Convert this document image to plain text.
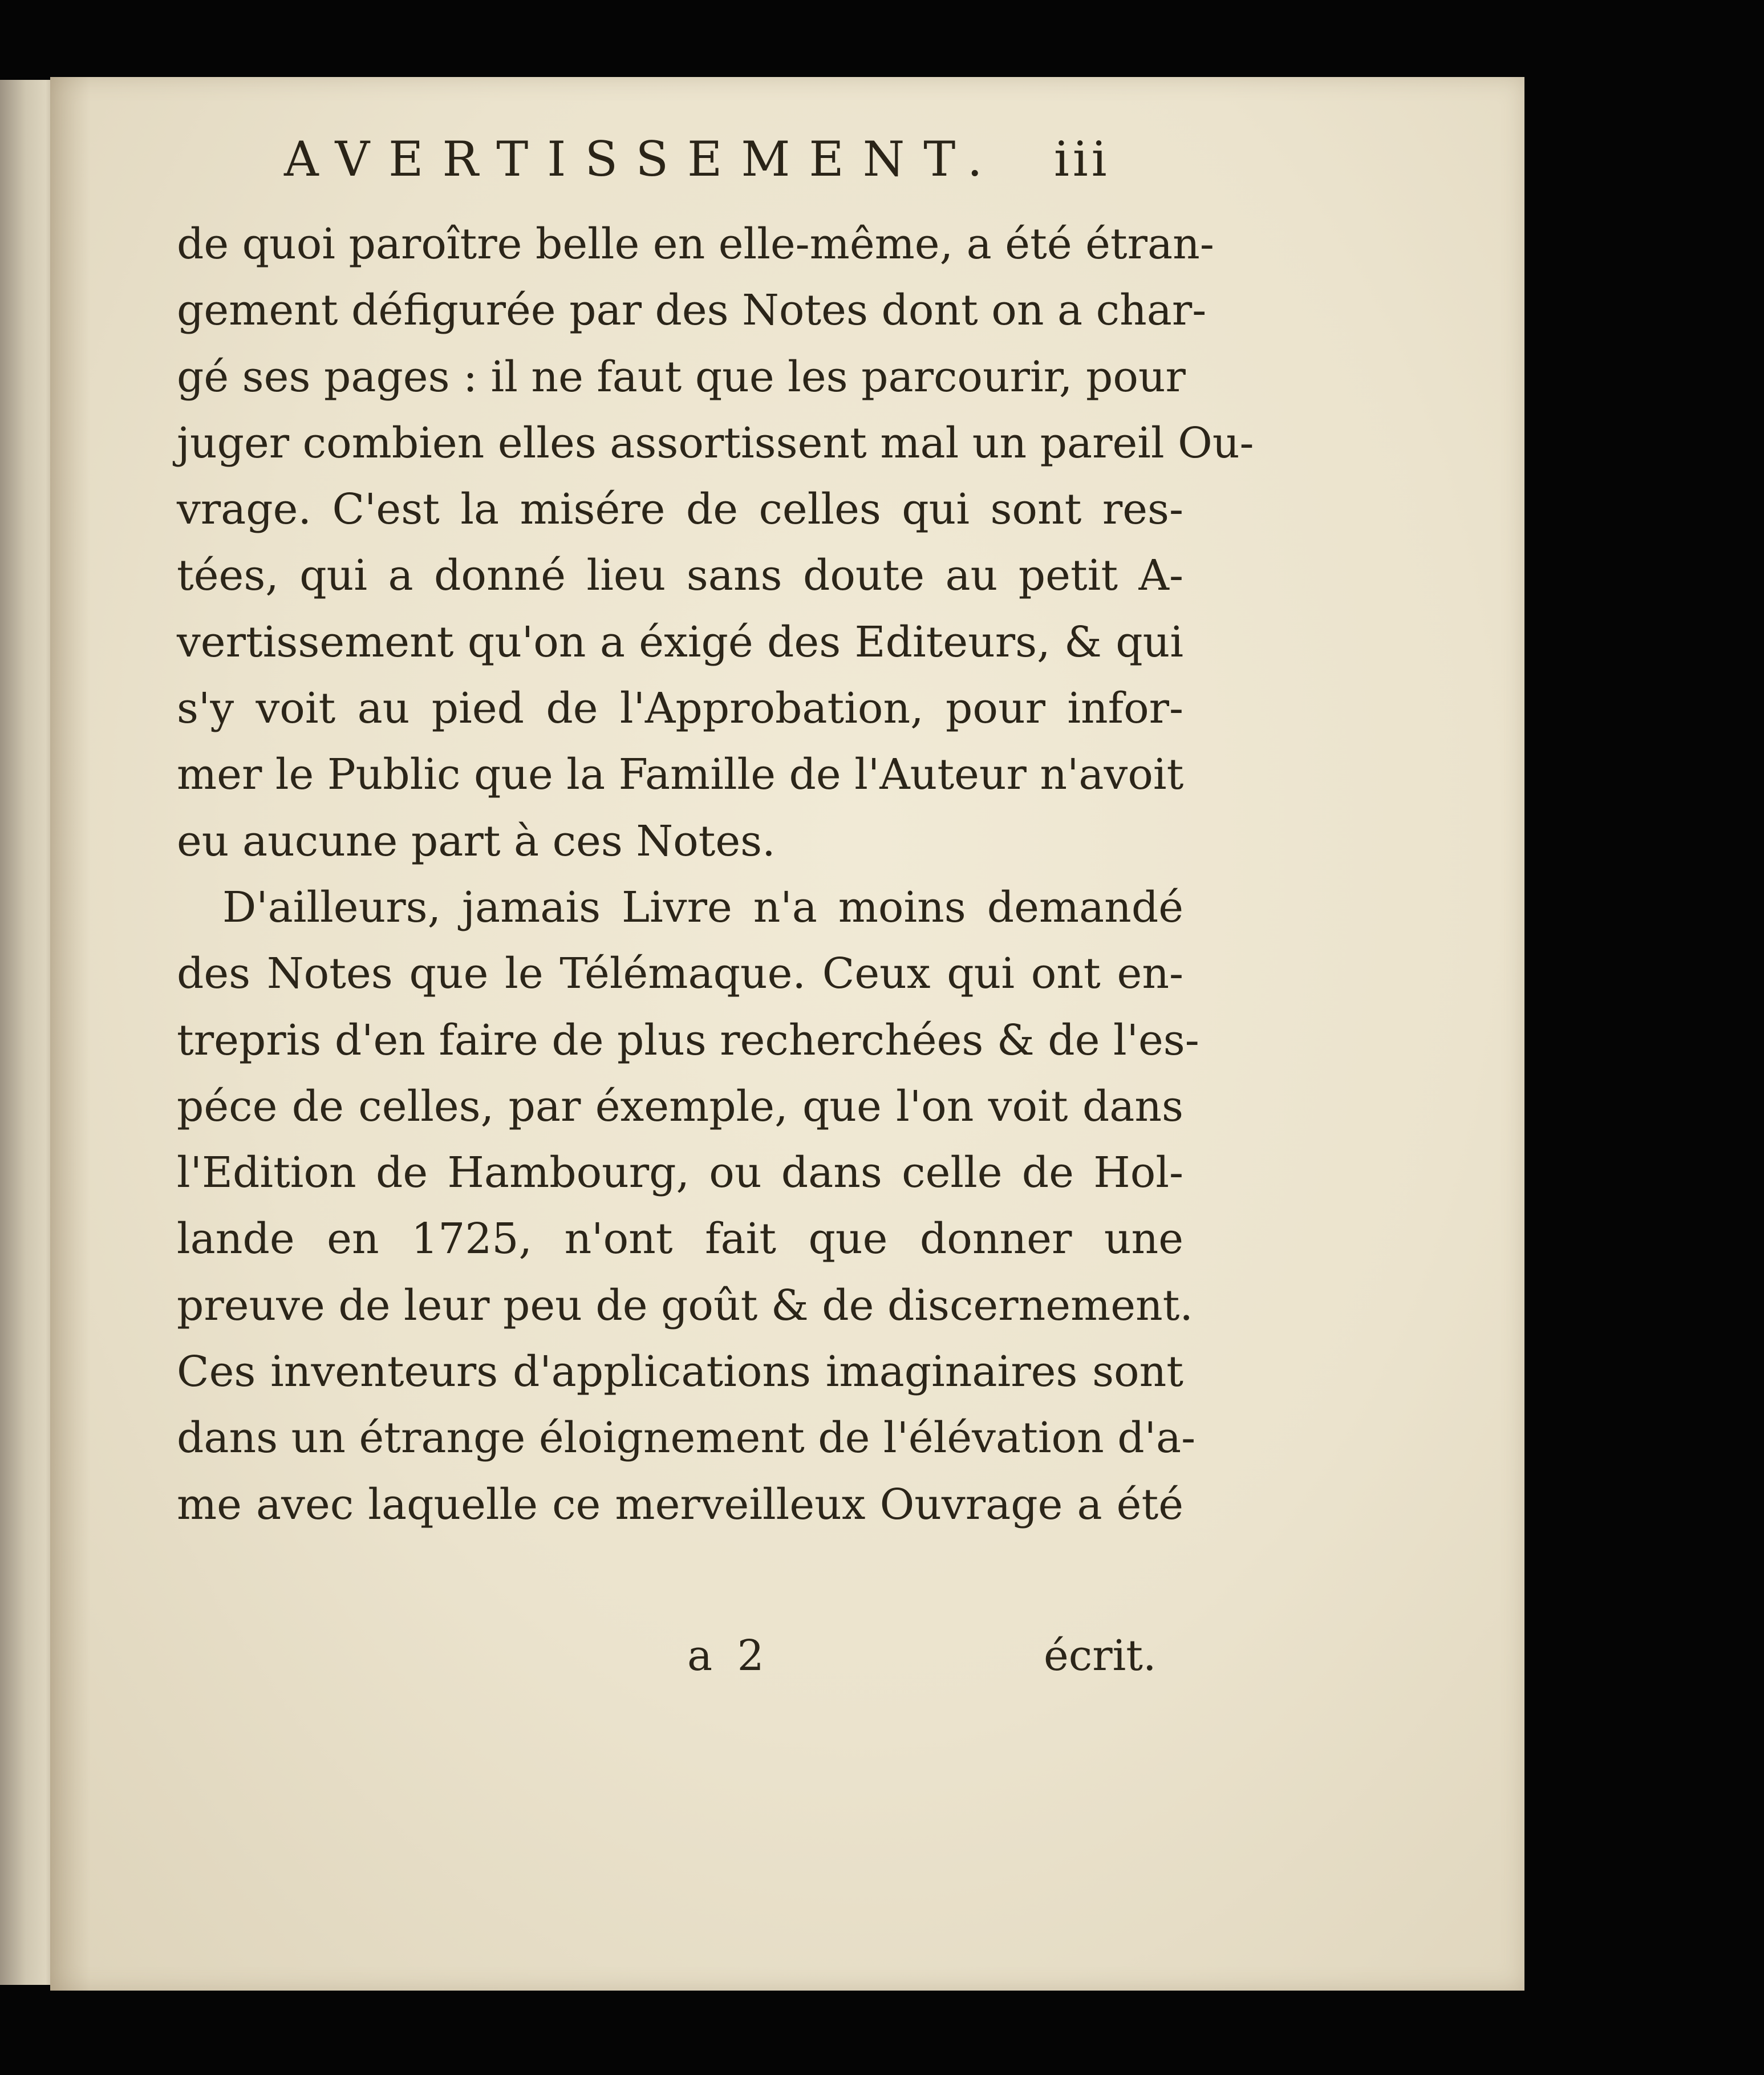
AVERTISSEMENT. iii
de quoi paroître belle en elle-même, a été étran-
gement défigurée par des Notes dont on a char-
gé ses pages : il ne faut que les parcourir, pour
juger combien elles assortissent mal un pareil Ou-
vrage. C'est la misére de celles qui sont res-
tées, qui a donné lieu sans doute au petit A-
vertissement qu'on a éxigé des Editeurs, & qui
s'y voit au pied de l'Approbation, pour infor-
mer le Public que la Famille de l'Auteur n'avoit
eu aucune part à ces Notes.
D'ailleurs, jamais Livre n'a moins demandé
des Notes que le Télémaque. Ceux qui ont en-
trepris d'en faire de plus recherchées & de l'es-
péce de celles, par éxemple, que l'on voit dans
l'Edition de Hambourg, ou dans celle de Hol-
lande en 1725, n'ont fait que donner une
preuve de leur peu de goût & de discernement.
Ces inventeurs d'applications imaginaires sont
dans un étrange éloignement de l'élévation d'a-
me avec laquelle ce merveilleux Ouvrage a été
a 2	écrit.
